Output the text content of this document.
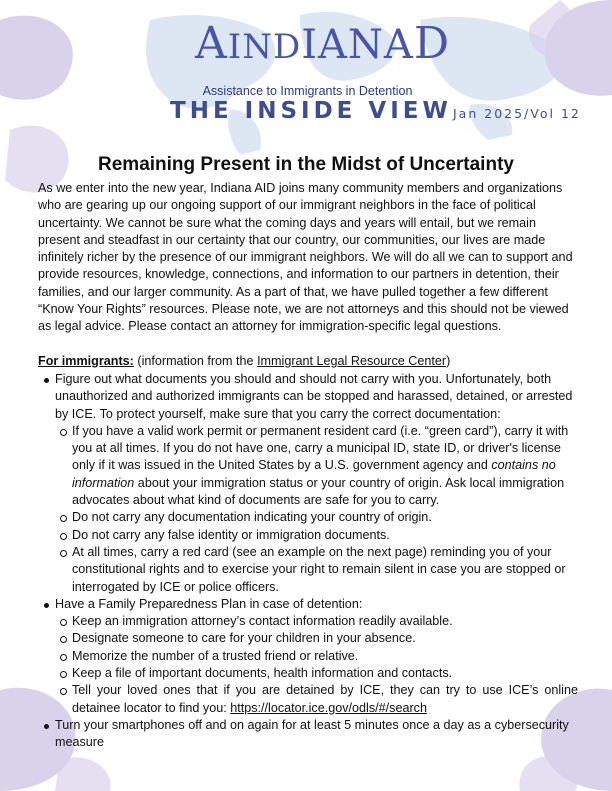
AINDIANAD
Assistance to Immigrants in Detention
THE INSIDE VIEW Jan 2025/Vol 12
Remaining Present in the Midst of Uncertainty

As we enter into the new year, Indiana AID joins many community members and organizations who are gearing up our ongoing support of our immigrant neighbors in the face of political uncertainty. We cannot be sure what the coming days and years will entail, but we remain present and steadfast in our certainty that our country, our communities, our lives are made infinitely richer by the presence of our immigrant neighbors. We will do all we can to support and provide resources, knowledge, connections, and information to our partners in detention, their families, and our larger community. As a part of that, we have pulled together a few different “Know Your Rights” resources. Please note, we are not attorneys and this should not be viewed as legal advice. Please contact an attorney for immigration-specific legal questions.

For immigrants: (information from the Immigrant Legal Resource Center)

Figure out what documents you should and should not carry with you. Unfortunately, both unauthorized and authorized immigrants can be stopped and harassed, detained, or arrested by ICE. To protect yourself, make sure that you carry the correct documentation:
If you have a valid work permit or permanent resident card (i.e. “green card”), carry it with you at all times. If you do not have one, carry a municipal ID, state ID, or driver's license only if it was issued in the United States by a U.S. government agency and contains no information about your immigration status or your country of origin. Ask local immigration advocates about what kind of documents are safe for you to carry.
Do not carry any documentation indicating your country of origin.
Do not carry any false identity or immigration documents.
At all times, carry a red card (see an example on the next page) reminding you of your constitutional rights and to exercise your right to remain silent in case you are stopped or interrogated by ICE or police officers.
Have a Family Preparedness Plan in case of detention:
Keep an immigration attorney’s contact information readily available.
Designate someone to care for your children in your absence.
Memorize the number of a trusted friend or relative.
Keep a file of important documents, health information and contacts.
Tell your loved ones that if you are detained by ICE, they can try to use ICE’s online detainee locator to find you: https://locator.ice.gov/odls/#/search
Turn your smartphones off and on again for at least 5 minutes once a day as a cybersecurity measure
